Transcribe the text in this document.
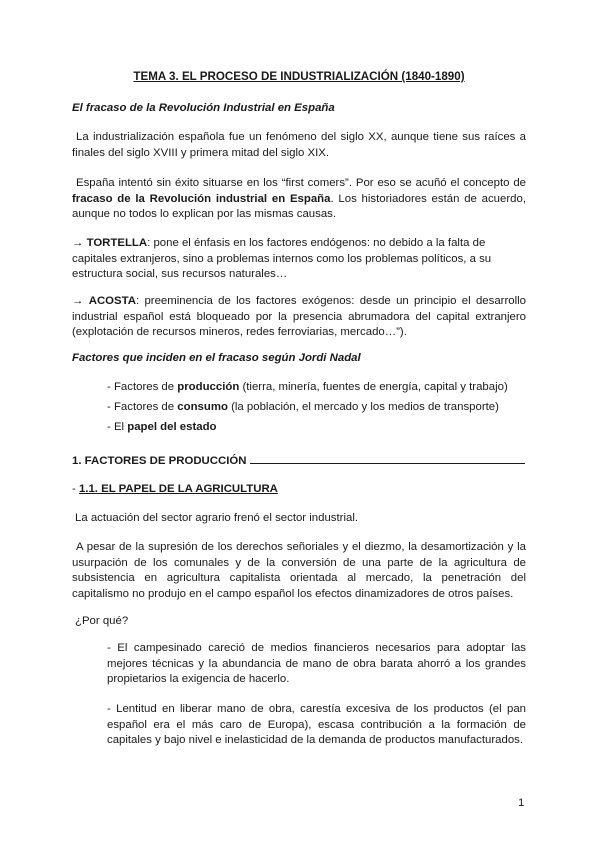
TEMA 3. EL PROCESO DE INDUSTRIALIZACIÓN (1840-1890)
El fracaso de la Revolución Industrial en España
La industrialización española fue un fenómeno del siglo XX, aunque tiene sus raíces a finales del siglo XVIII y primera mitad del siglo XIX.
España intentó sin éxito situarse en los “first comers”. Por eso se acuñó el concepto de fracaso de la Revolución industrial en España. Los historiadores están de acuerdo, aunque no todos lo explican por las mismas causas.
→ TORTELLA: pone el énfasis en los factores endógenos: no debido a la falta de capitales extranjeros, sino a problemas internos como los problemas políticos, a su estructura social, sus recursos naturales…
→ ACOSTA: preeminencia de los factores exógenos: desde un principio el desarrollo industrial español está bloqueado por la presencia abrumadora del capital extranjero (explotación de recursos mineros, redes ferroviarias, mercado…”).
Factores que inciden en el fracaso según Jordi Nadal
- Factores de producción (tierra, minería, fuentes de energía, capital y trabajo)
- Factores de consumo (la población, el mercado y los medios de transporte)
- El papel del estado
1. FACTORES DE PRODUCCIÓN
- 1.1. EL PAPEL DE LA AGRICULTURA
La actuación del sector agrario frenó el sector industrial.
A pesar de la supresión de los derechos señoriales y el diezmo, la desamortización y la usurpación de los comunales y de la conversión de una parte de la agricultura de subsistencia en agricultura capitalista orientada al mercado, la penetración del capitalismo no produjo en el campo español los efectos dinamizadores de otros países.
¿Por qué?
- El campesinado careció de medios financieros necesarios para adoptar las mejores técnicas y la abundancia de mano de obra barata ahorró a los grandes propietarios la exigencia de hacerlo.
- Lentitud en liberar mano de obra, carestía excesiva de los productos (el pan español era el más caro de Europa), escasa contribución a la formación de capitales y bajo nivel e inelasticidad de la demanda de productos manufacturados.
1
